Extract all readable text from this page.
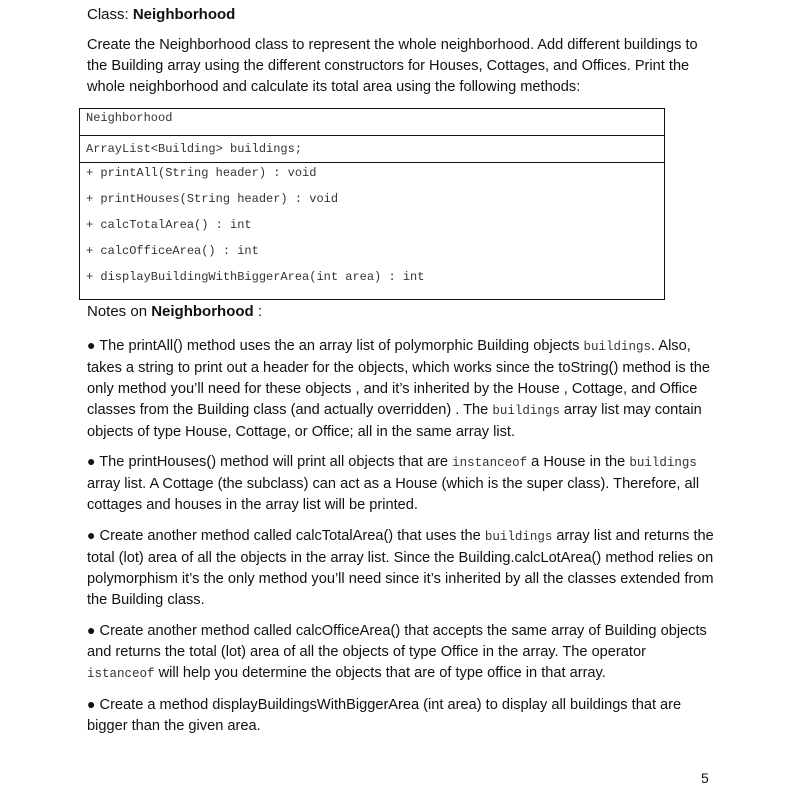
Class: Neighborhood
Create the Neighborhood class to represent the whole neighborhood. Add different buildings to the Building array using the different constructors for Houses, Cottages, and Offices. Print the whole neighborhood and calculate its total area using the following methods:
Neighborhood
ArrayList<Building> buildings;
+ printAll(String header) : void
+ printHouses(String header) : void
+ calcTotalArea() : int
+ calcOfficeArea() : int
+ displayBuildingWithBiggerArea(int area) : int
Notes on Neighborhood :
● The printAll() method uses the an array list of polymorphic Building objects buildings. Also, takes a string to print out a header for the objects, which works since the toString() method is the only method you’ll need for these objects , and it’s inherited by the House , Cottage, and Office classes from the Building class (and actually overridden) . The buildings array list may contain objects of type House, Cottage, or Office; all in the same array list.
● The printHouses() method will print all objects that are instanceof a House in the buildings array list. A Cottage (the subclass) can act as a House (which is the super class). Therefore, all cottages and houses in the array list will be printed.
● Create another method called calcTotalArea() that uses the buildings array list and returns the total (lot) area of all the objects in the array list. Since the Building.calcLotArea() method relies on polymorphism it’s the only method you’ll need since it’s inherited by all the classes extended from the Building class.
● Create another method called calcOfficeArea() that accepts the same array of Building objects and returns the total (lot) area of all the objects of type Office in the array. The operator istanceof will help you determine the objects that are of type office in that array.
● Create a method displayBuildingsWithBiggerArea (int area) to display all buildings that are bigger than the given area.
5
